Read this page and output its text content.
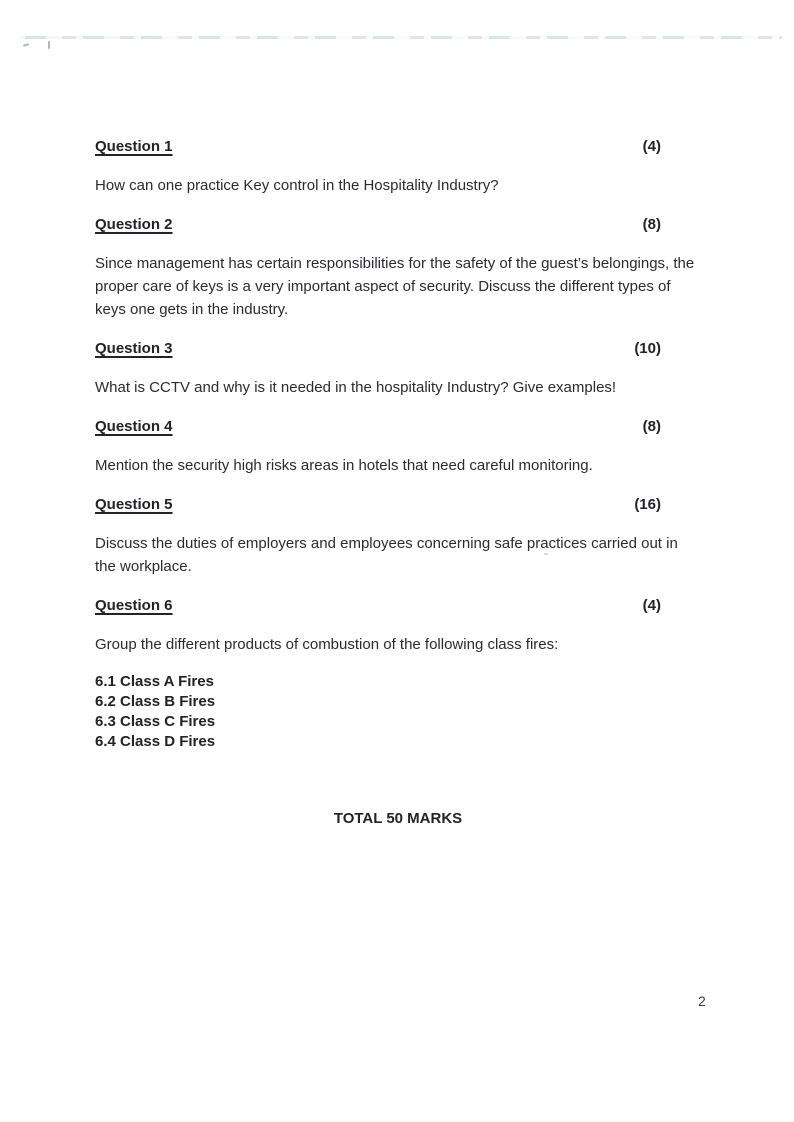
Question 1	(4)

How can one practice Key control in the Hospitality Industry?

Question 2	(8)

Since management has certain responsibilities for the safety of the guest’s belongings, the proper care of keys is a very important aspect of security. Discuss the different types of keys one gets in the industry.

Question 3	(10)

What is CCTV and why is it needed in the hospitality Industry? Give examples!

Question 4	(8)

Mention the security high risks areas in hotels that need careful monitoring.

Question 5	(16)

Discuss the duties of employers and employees concerning safe practices carried out in the workplace.

Question 6	(4)

Group the different products of combustion of the following class fires:

6.1 Class A Fires
6.2 Class B Fires
6.3 Class C Fires
6.4 Class D Fires
TOTAL 50 MARKS
2
